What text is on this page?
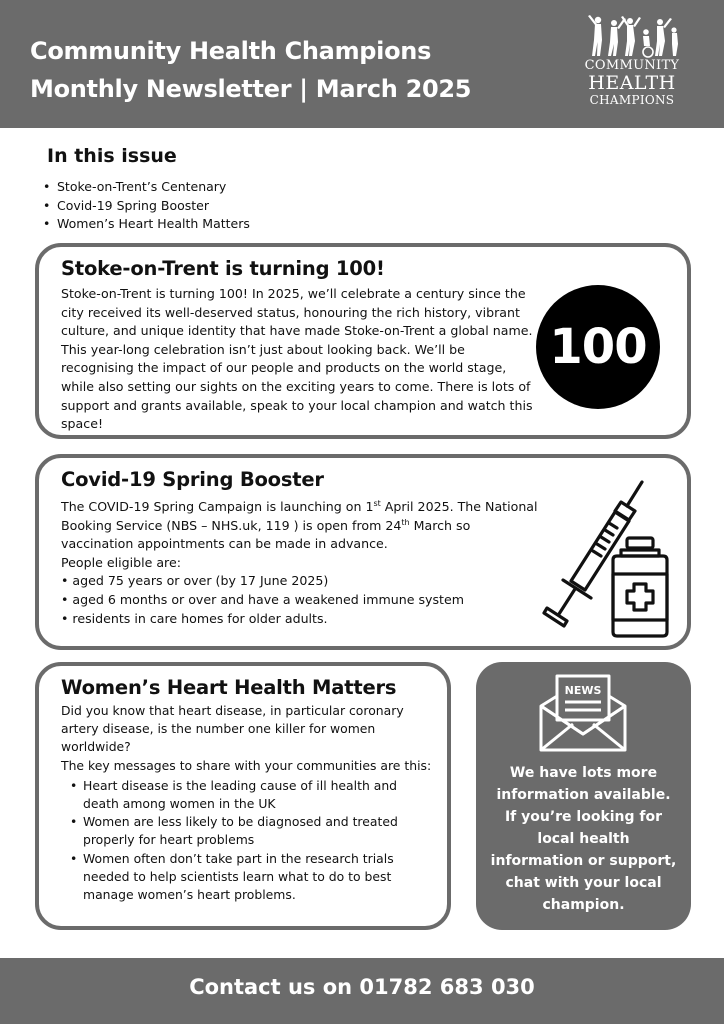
Community Health Champions
Monthly Newsletter | March 2025
COMMUNITY
HEALTH
CHAMPIONS
In this issue
• Stoke-on-Trent’s Centenary
• Covid-19 Spring Booster
• Women’s Heart Health Matters
Stoke-on-Trent is turning 100!
Stoke-on-Trent is turning 100! In 2025, we’ll celebrate a century since the city received its well-deserved status, honouring the rich history, vibrant culture, and unique identity that have made Stoke-on-Trent a global name. This year-long celebration isn’t just about looking back. We’ll be recognising the impact of our people and products on the world stage, while also setting our sights on the exciting years to come. There is lots of support and grants available, speak to your local champion and watch this space!
100
Covid-19 Spring Booster
The COVID-19 Spring Campaign is launching on 1st April 2025. The National Booking Service (NBS – NHS.uk, 119 ) is open from 24th March so vaccination appointments can be made in advance.
People eligible are:
• aged 75 years or over (by 17 June 2025)
• aged 6 months or over and have a weakened immune system
• residents in care homes for older adults.
Women’s Heart Health Matters
Did you know that heart disease, in particular coronary artery disease, is the number one killer for women worldwide?
The key messages to share with your communities are this:
• Heart disease is the leading cause of ill health and death among women in the UK
• Women are less likely to be diagnosed and treated properly for heart problems
• Women often don’t take part in the research trials needed to help scientists learn what to do to best manage women’s heart problems.
NEWS
We have lots more information available. If you’re looking for local health information or support, chat with your local champion.
Contact us on 01782 683 030
